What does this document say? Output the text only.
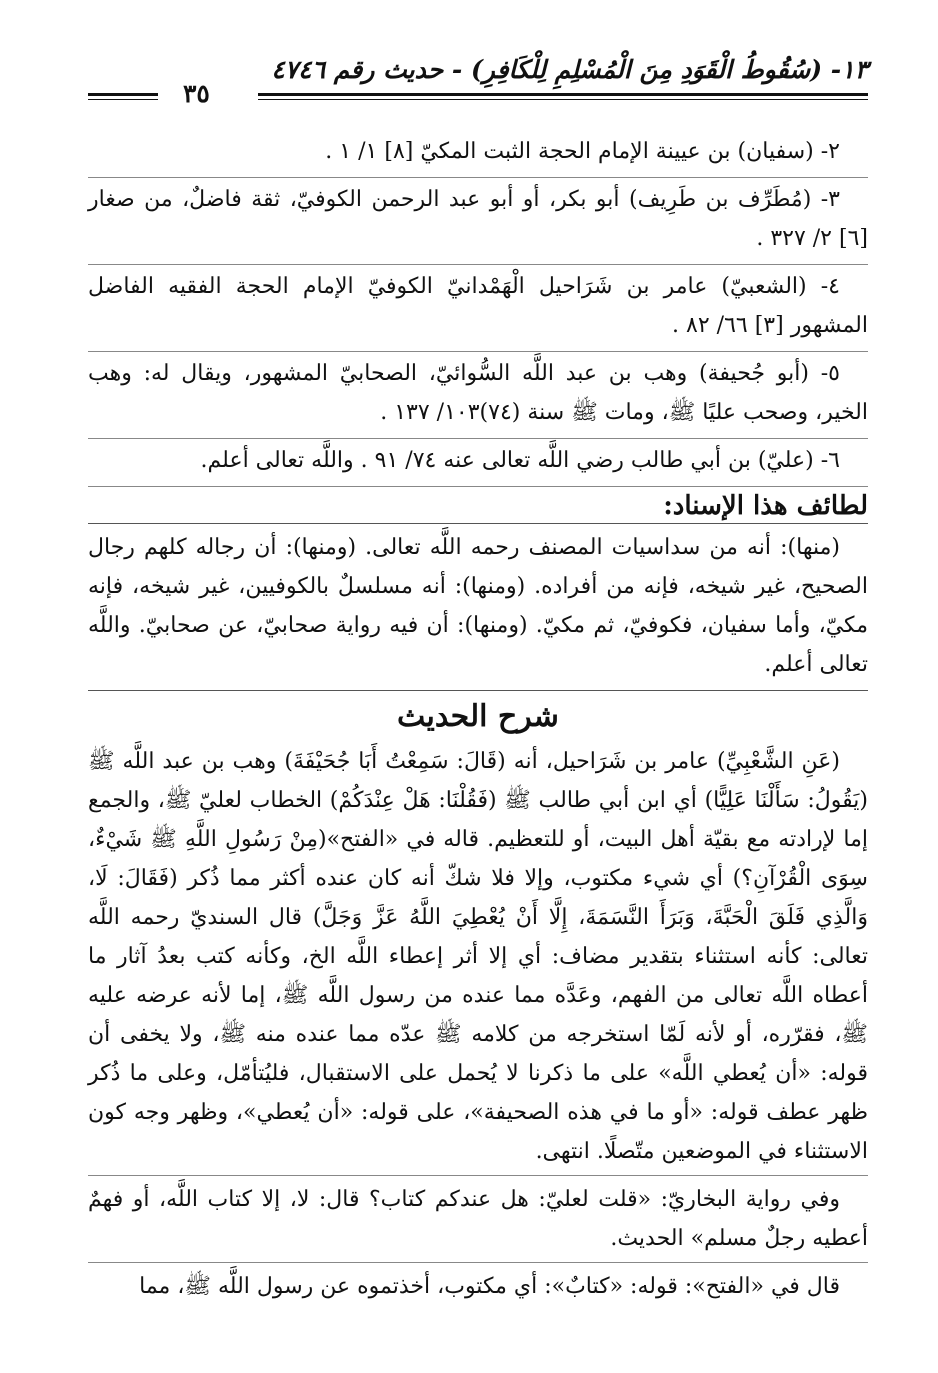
١٣- (سُقُوطُ الْقَوَدِ مِنَ الْمُسْلِمِ لِلْكَافِرِ) - حديث رقم ٤٧٤٦
٣٥

٢- (سفيان) بن عيينة الإمام الحجة الثبت المكيّ [٨] ١/ ١ .

٣- (مُطَرِّف بن طَرِيف) أبو بكر، أو أبو عبد الرحمن الكوفيّ، ثقة فاضلٌ، من صغار [٦] ٢/ ٣٢٧ .

٤- (الشعبيّ) عامر بن شَرَاحيل الْهَمْدانيّ الكوفيّ الإمام الحجة الفقيه الفاضل المشهور [٣] ٦٦/ ٨٢ .

٥- (أبو جُحيفة) وهب بن عبد اللَّه السُّوائيّ، الصحابيّ المشهور، ويقال له: وهب الخير، وصحب عليًا ﷺ، ومات ﷺ سنة (٧٤)١٠٣/ ١٣٧ .

٦- (عليّ) بن أبي طالب رضي اللَّه تعالى عنه ٧٤/ ٩١ . واللَّه تعالى أعلم.

لطائف هذا الإسناد:

(منها): أنه من سداسيات المصنف رحمه اللَّه تعالى. (ومنها): أن رجاله كلهم رجال الصحيح، غير شيخه، فإنه من أفراده. (ومنها): أنه مسلسلٌ بالكوفيين، غير شيخه، فإنه مكيّ، وأما سفيان، فكوفيّ، ثم مكيّ. (ومنها): أن فيه رواية صحابيّ، عن صحابيّ. واللَّه تعالى أعلم.

شرح الحديث

(عَنِ الشَّعْبِيِّ) عامر بن شَرَاحيل، أنه (قَالَ: سَمِعْتُ أَبَا جُحَيْفَةَ) وهب بن عبد اللَّه ﷺ (يَقُولُ: سَأَلْنَا عَلِيًّا) أي ابن أبي طالب ﷺ (فَقُلْنَا: هَلْ عِنْدَكُمْ) الخطاب لعليّ ﷺ، والجمع إما لإرادته مع بقيّة أهل البيت، أو للتعظيم. قاله في «الفتح»(مِنْ رَسُولِ اللَّهِ ﷺ شَيْءٌ، سِوَى الْقُرْآنِ؟) أي شيء مكتوب، وإلا فلا شكّ أنه كان عنده أكثر مما ذُكر (فَقَالَ: لَا، وَالَّذِي فَلَقَ الْحَبَّةَ، وَبَرَأَ النَّسَمَةَ، إِلَّا أَنْ يُعْطِيَ اللَّهُ عَزَّ وَجَلَّ) قال السنديّ رحمه اللَّه تعالى: كأنه استثناء بتقدير مضاف: أي إلا أثر إعطاء اللَّه الخ، وكأنه كتب بعدُ آثار ما أعطاه اللَّه تعالى من الفهم، وعَدَّه مما عنده من رسول اللَّه ﷺ، إما لأنه عرضه عليه ﷺ، فقرّره، أو لأنه لَمّا استخرجه من كلامه ﷺ عدّه مما عنده منه ﷺ، ولا يخفى أن قوله: «أن يُعطي اللَّه» على ما ذكرنا لا يُحمل على الاستقبال، فليُتأمّل، وعلى ما ذُكر ظهر عطف قوله: «أو ما في هذه الصحيفة»، على قوله: «أن يُعطي»، وظهر وجه كون الاستثناء في الموضعين متّصلًا. انتهى.

وفي رواية البخاريّ: «قلت لعليّ: هل عندكم كتاب؟ قال: لا، إلا كتاب اللَّه، أو فهمٌ أعطيه رجلٌ مسلم» الحديث.

قال في «الفتح»: قوله: «كتابٌ»: أي مكتوب، أخذتموه عن رسول اللَّه ﷺ، مما
